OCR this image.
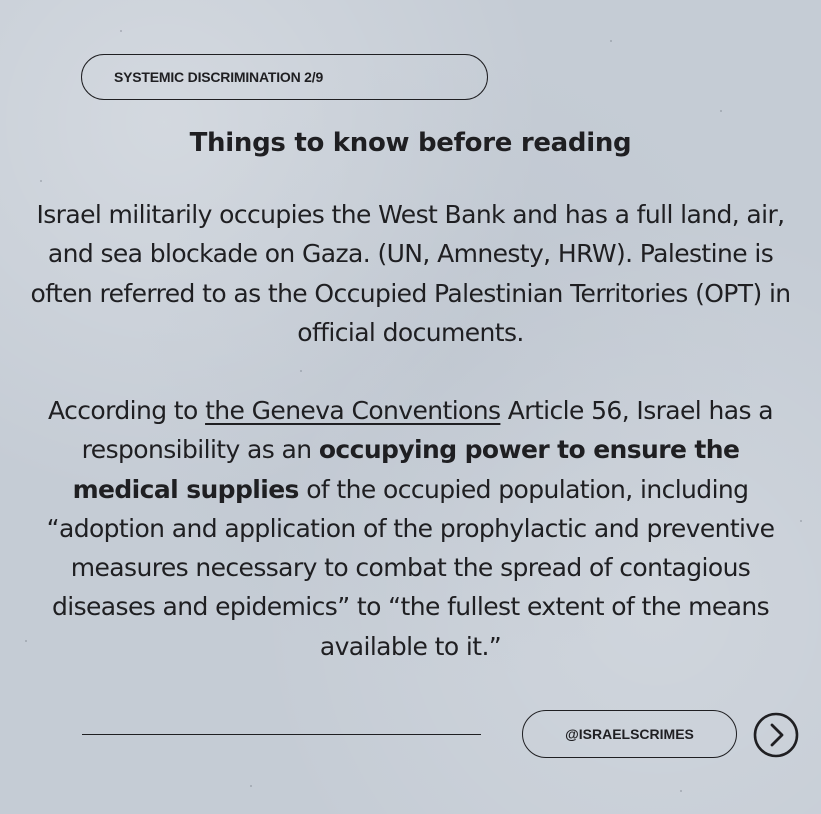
SYSTEMIC DISCRIMINATION 2/9
Things to know before reading
Israel militarily occupies the West Bank and has a full land, air, and sea blockade on Gaza. (UN, Amnesty, HRW). Palestine is often referred to as the Occupied Palestinian Territories (OPT) in official documents.
According to the Geneva Conventions Article 56, Israel has a responsibility as an occupying power to ensure the medical supplies of the occupied population, including “adoption and application of the prophylactic and preventive measures necessary to combat the spread of contagious diseases and epidemics” to “the fullest extent of the means available to it.”
@ISRAELSCRIMES
